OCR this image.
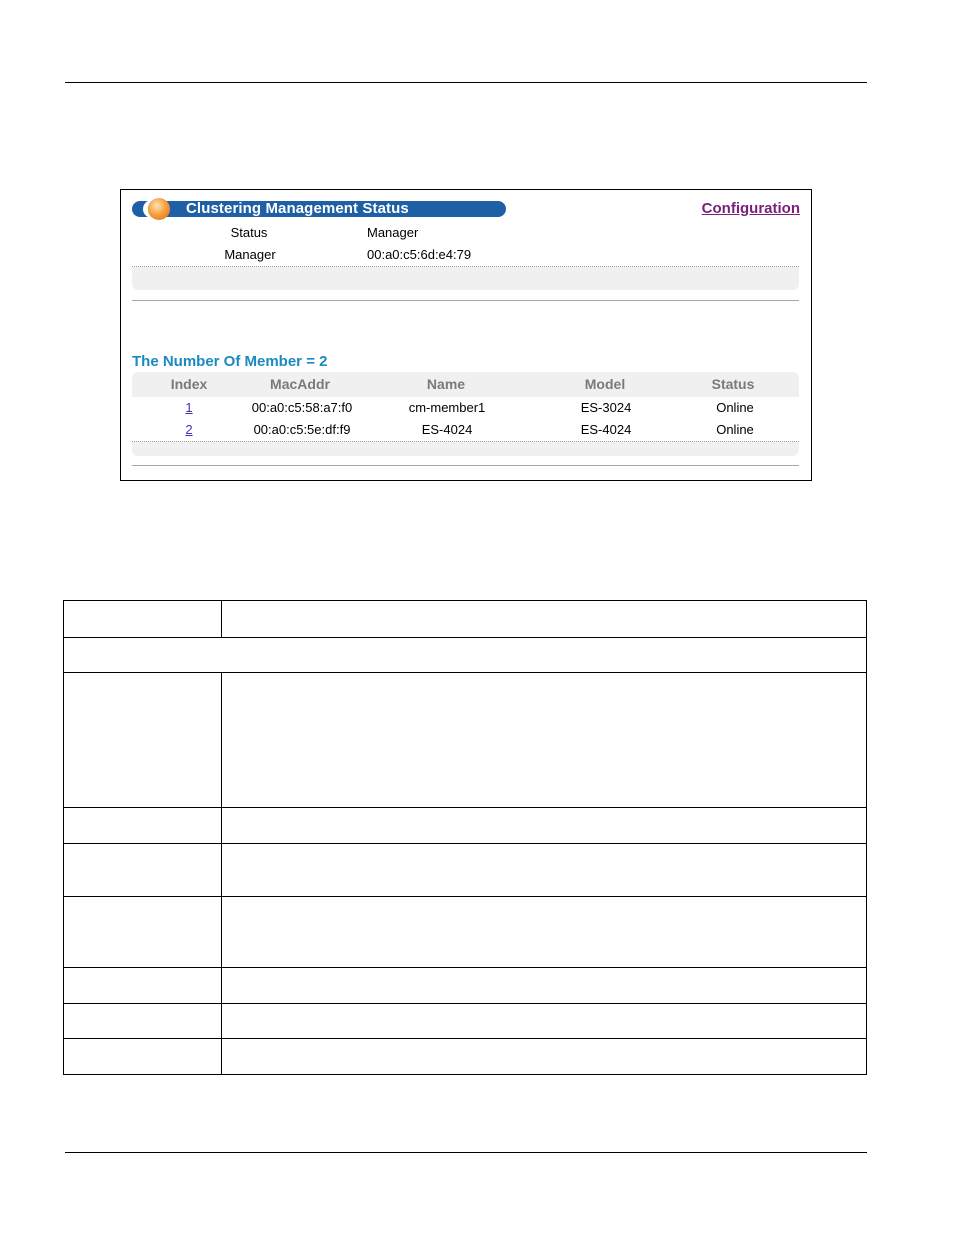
Clustering Management Status	Configuration
Status	Manager
Manager	00:a0:c5:6d:e4:79
The Number Of Member = 2
Index	MacAddr	Name	Model	Status
1	00:a0:c5:58:a7:f0	cm-member1	ES-3024	Online
2	00:a0:c5:5e:df:f9	ES-4024	ES-4024	Online
